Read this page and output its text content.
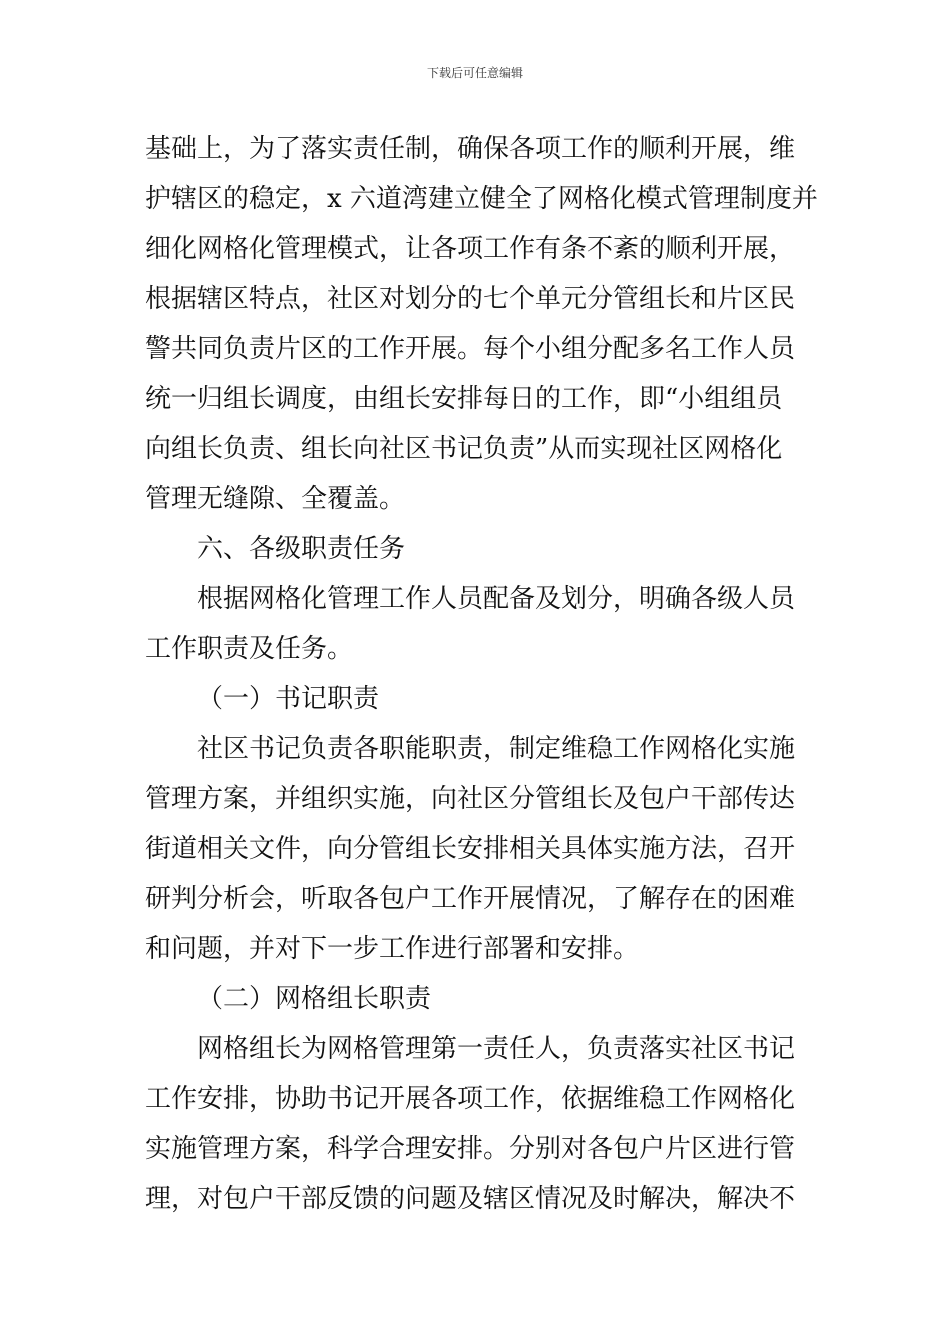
下载后可任意编辑
基础上，为了落实责任制，确保各项工作的顺利开展，维
护辖区的稳定，x 六道湾建立健全了网格化模式管理制度并
细化网格化管理模式，让各项工作有条不紊的顺利开展，
根据辖区特点，社区对划分的七个单元分管组长和片区民
警共同负责片区的工作开展。每个小组分配多名工作人员
统一归组长调度，由组长安排每日的工作，即“小组组员
向组长负责、组长向社区书记负责”从而实现社区网格化
管理无缝隙、全覆盖。
六、各级职责任务
根据网格化管理工作人员配备及划分，明确各级人员
工作职责及任务。
（一）书记职责
社区书记负责各职能职责，制定维稳工作网格化实施
管理方案，并组织实施，向社区分管组长及包户干部传达
街道相关文件，向分管组长安排相关具体实施方法，召开
研判分析会，听取各包户工作开展情况，了解存在的困难
和问题，并对下一步工作进行部署和安排。
（二）网格组长职责
网格组长为网格管理第一责任人，负责落实社区书记
工作安排，协助书记开展各项工作，依据维稳工作网格化
实施管理方案，科学合理安排。分别对各包户片区进行管
理，对包户干部反馈的问题及辖区情况及时解决，解决不
